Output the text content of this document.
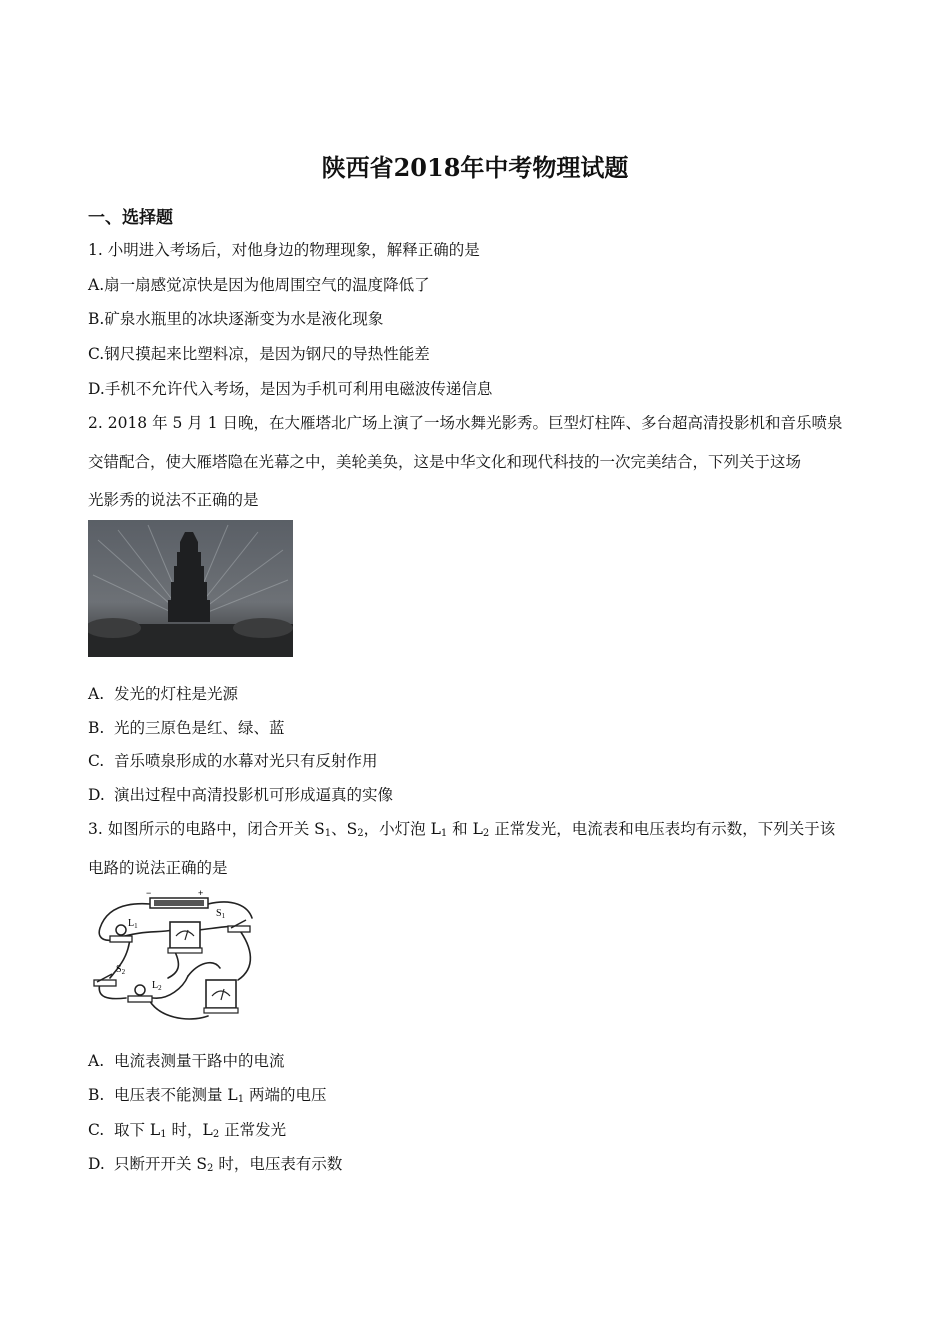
陕西省2018年中考物理试题
一、选择题
1. 小明进入考场后，对他身边的物理现象，解释正确的是
A.扇一扇感觉凉快是因为他周围空气的温度降低了
B.矿泉水瓶里的冰块逐渐变为水是液化现象
C.钢尺摸起来比塑料凉，是因为钢尺的导热性能差
D.手机不允许代入考场，是因为手机可利用电磁波传递信息
2. 2018 年 5 月 1 日晚，在大雁塔北广场上演了一场水舞光影秀。巨型灯柱阵、多台超高清投影机和音乐喷泉
交错配合，使大雁塔隐在光幕之中，美轮美奂，这是中华文化和现代科技的一次完美结合，下列关于这场
光影秀的说法不正确的是
A. 发光的灯柱是光源
B. 光的三原色是红、绿、蓝
C. 音乐喷泉形成的水幕对光只有反射作用
D. 演出过程中高清投影机可形成逼真的实像
3. 如图所示的电路中，闭合开关 $S_1$、$S_2$，小灯泡 $L_1$ 和 $L_2$ 正常发光，电流表和电压表均有示数，下列关于该
电路的说法正确的是
−	+
$S_1$
$L_1$
$S_2$
$L_2$
A. 电流表测量干路中的电流
B. 电压表不能测量 $L_1$ 两端的电压
C. 取下 $L_1$ 时，$L_2$ 正常发光
D. 只断开开关 $S_2$ 时，电压表有示数
